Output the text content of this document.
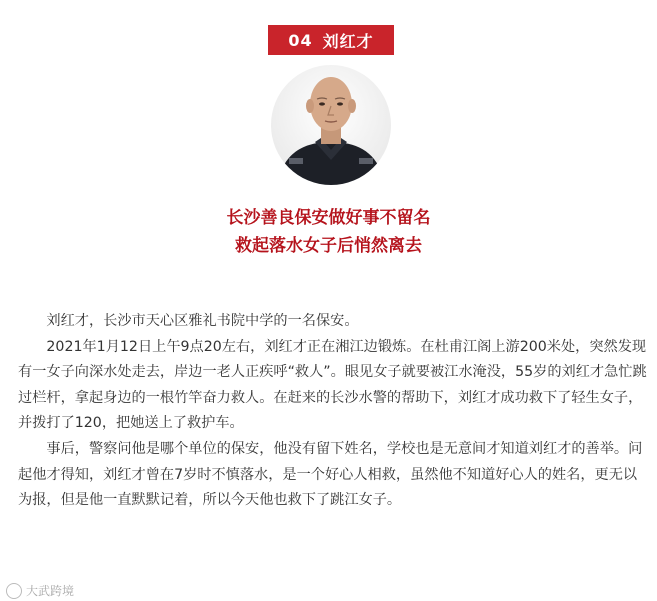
04 刘红才
长沙善良保安做好事不留名
救起落水女子后悄然离去

刘红才，长沙市天心区雅礼书院中学的一名保安。

2021年1月12日上午9点20左右，刘红才正在湘江边锻炼。在杜甫江阁上游200米处，突然发现有一女子向深水处走去，岸边一老人正疾呼“救人”。眼见女子就要被江水淹没，55岁的刘红才急忙跳过栏杆，拿起身边的一根竹竿奋力救人。在赶来的长沙水警的帮助下，刘红才成功救下了轻生女子，并拨打了120，把她送上了救护车。

事后，警察问他是哪个单位的保安，他没有留下姓名，学校也是无意间才知道刘红才的善举。问起他才得知，刘红才曾在7岁时不慎落水，是一个好心人相救，虽然他不知道好心人的姓名，更无以为报，但是他一直默默记着，所以今天他也救下了跳江女子。

大武跨境
